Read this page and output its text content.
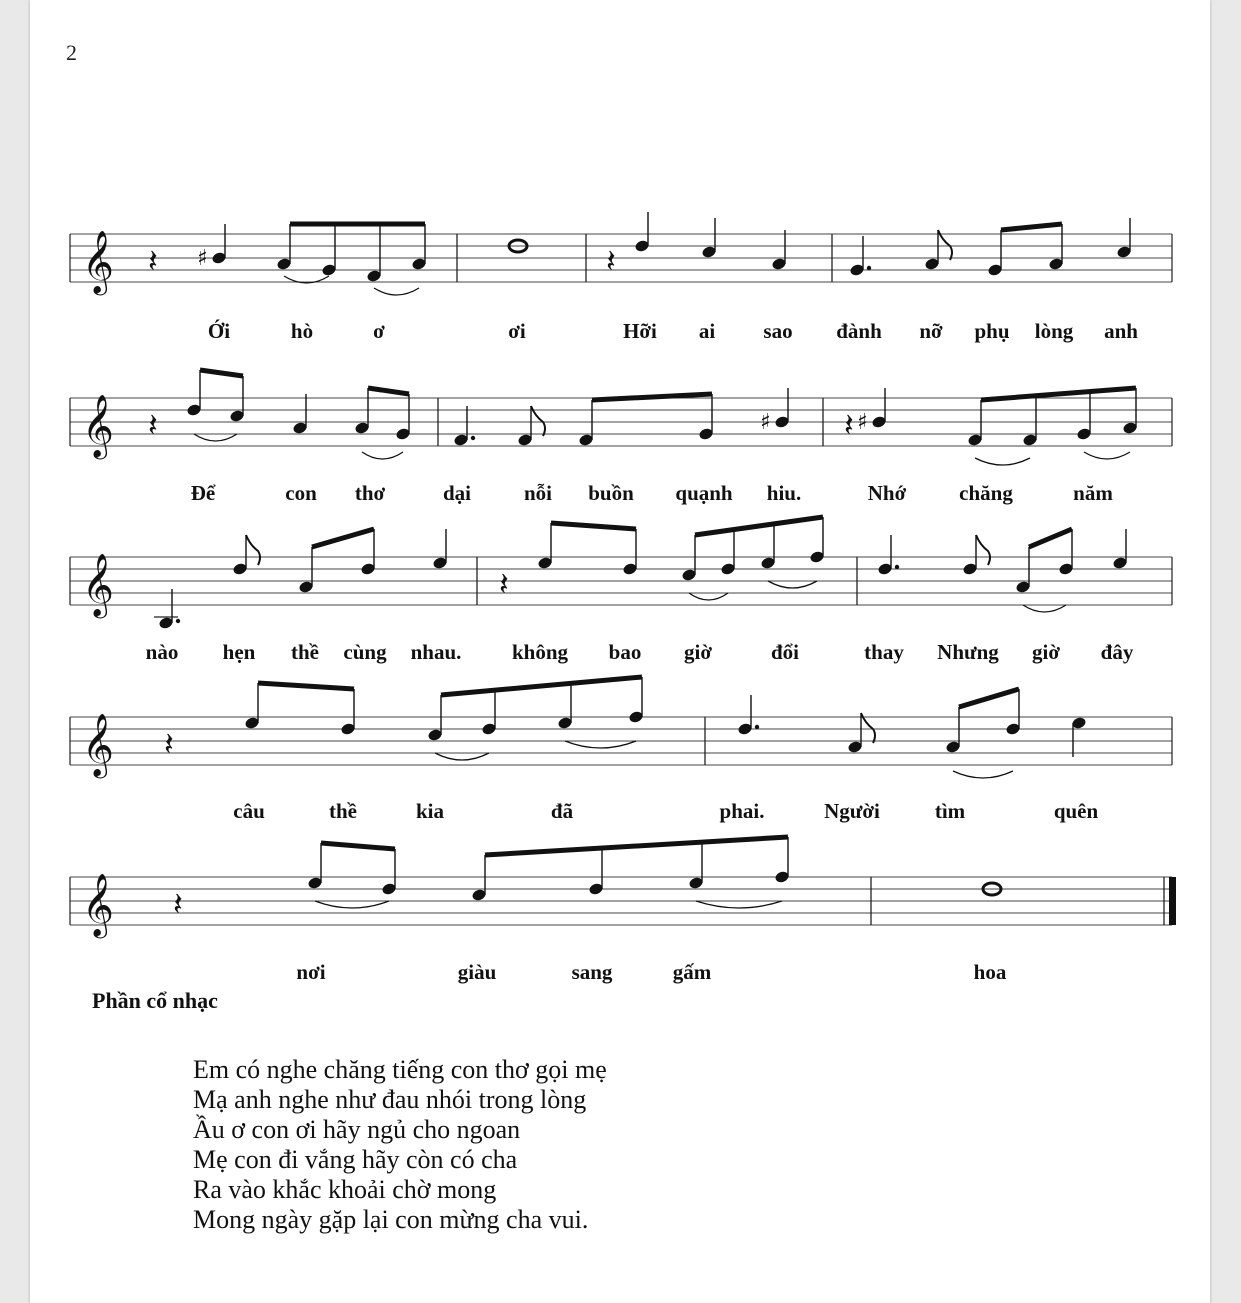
2
𝄞 𝄽 ♯	𝄽
Ới	hò	ơ	ơi	Hỡi ai sao đành nỡ phụ lòng anh
𝄞 𝄽	♯ 𝄽 ♯
Để	con thơ	dại	nỗi buồn quạnh hiu.	Nhớ	chăng	năm
𝄞	𝄽
nào hẹn thề cùng nhau. không bao giờ	đổi	thay Nhưng giờ đây
𝄞 𝄽
câu	thề	kia	đã	phai.	Người	tìm	quên
𝄞 𝄽
nơi	giàu	sang	gấm	hoa
Phần cổ nhạc
Em có nghe chăng tiếng con thơ gọi mẹ
Mạ anh nghe như đau nhói trong lòng
Ầu ơ con ơi hãy ngủ cho ngoan
Mẹ con đi vắng hãy còn có cha
Ra vào khắc khoải chờ mong
Mong ngày gặp lại con mừng cha vui.
